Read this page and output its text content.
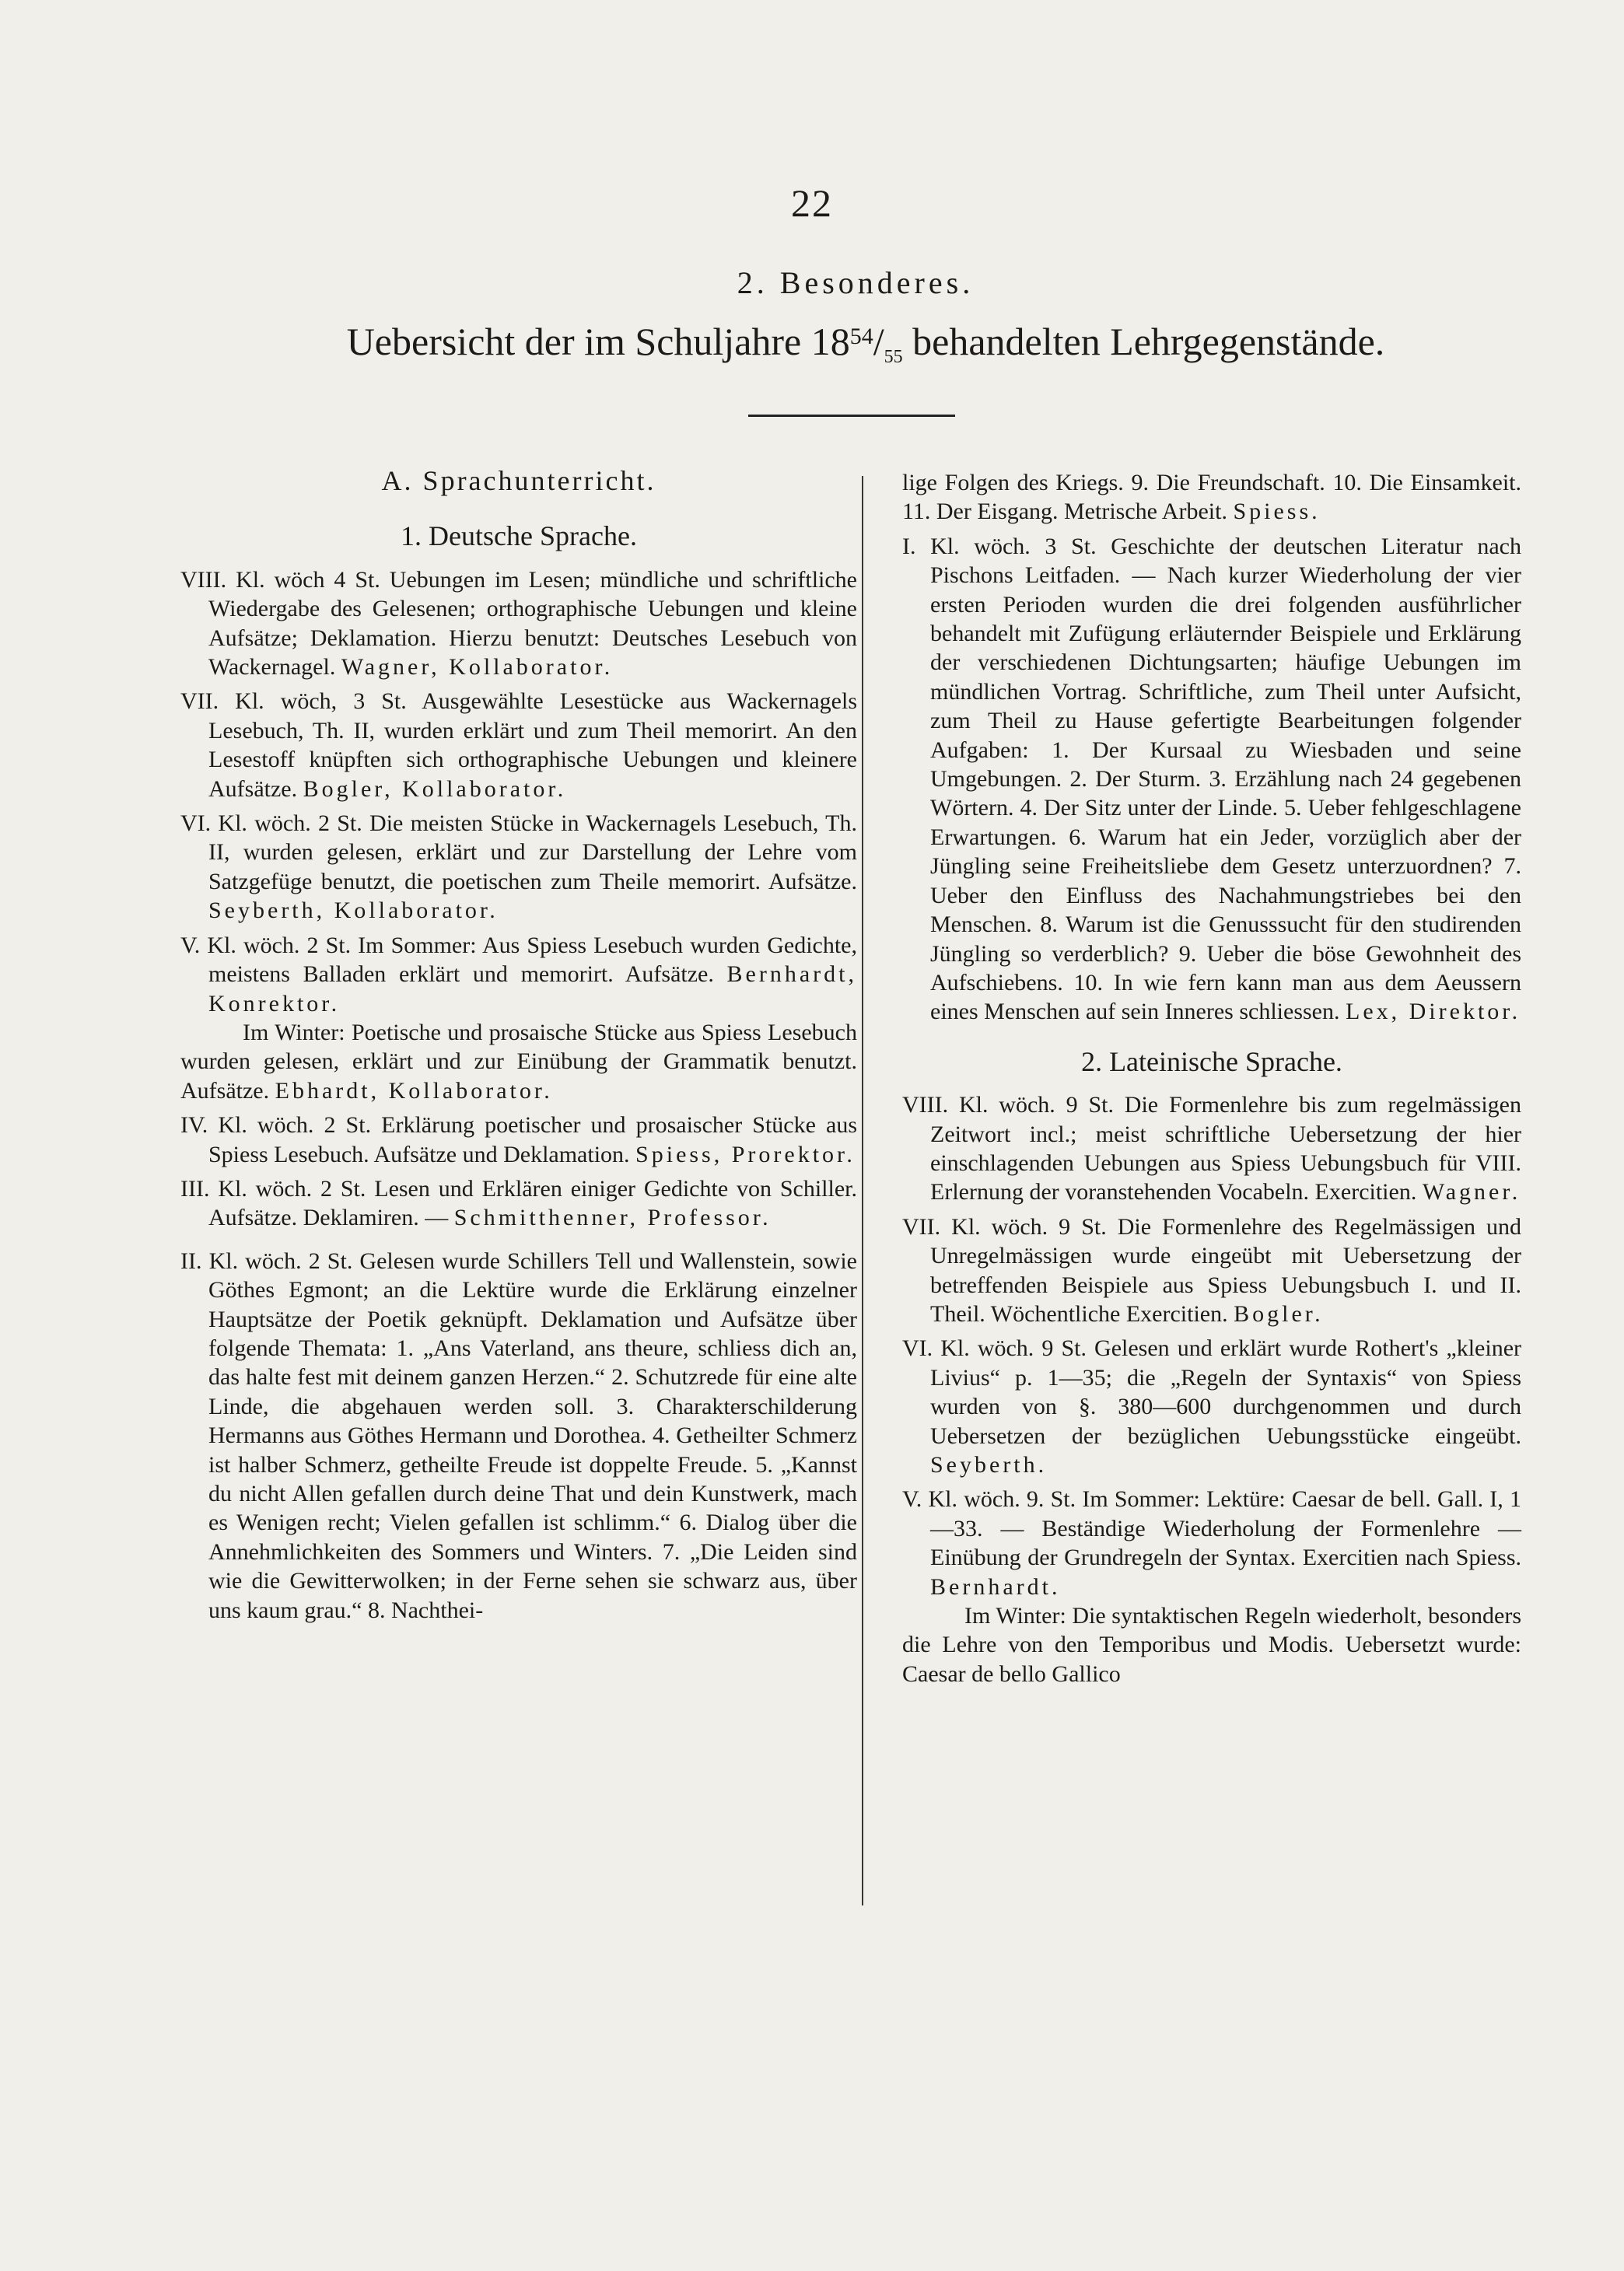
22
2. Besonderes.
Uebersicht der im Schuljahre $18^{54}/_{55}$ behandelten Lehrgegenstände.
A. Sprachunterricht.
1. Deutsche Sprache.

VIII. Kl. wöch 4 St. Uebungen im Lesen; mündliche und schriftliche Wiedergabe des Gelesenen; orthographische Uebungen und kleine Aufsätze; Deklamation. Hierzu benutzt: Deutsches Lesebuch von Wackernagel. Wagner, Kollaborator.

VII. Kl. wöch, 3 St. Ausgewählte Lesestücke aus Wackernagels Lesebuch, Th. II, wurden erklärt und zum Theil memorirt. An den Lesestoff knüpften sich orthographische Uebungen und kleinere Aufsätze. Bogler, Kollaborator.

VI. Kl. wöch. 2 St. Die meisten Stücke in Wackernagels Lesebuch, Th. II, wurden gelesen, erklärt und zur Darstellung der Lehre vom Satzgefüge benutzt, die poetischen zum Theile memorirt. Aufsätze. Seyberth, Kollaborator.

V. Kl. wöch. 2 St. Im Sommer: Aus Spiess Lesebuch wurden Gedichte, meistens Balladen erklärt und memorirt. Aufsätze. Bernhardt, Konrektor.

Im Winter: Poetische und prosaische Stücke aus Spiess Lesebuch wurden gelesen, erklärt und zur Einübung der Grammatik benutzt. Aufsätze. Ebhardt, Kollaborator.

IV. Kl. wöch. 2 St. Erklärung poetischer und prosaischer Stücke aus Spiess Lesebuch. Aufsätze und Deklamation. Spiess, Prorektor.

III. Kl. wöch. 2 St. Lesen und Erklären einiger Gedichte von Schiller. Aufsätze. Deklamiren. — Schmitthenner, Professor.

II. Kl. wöch. 2 St. Gelesen wurde Schillers Tell und Wallenstein, sowie Göthes Egmont; an die Lektüre wurde die Erklärung einzelner Hauptsätze der Poetik geknüpft. Deklamation und Aufsätze über folgende Themata: 1. „Ans Vaterland, ans theure, schliess dich an, das halte fest mit deinem ganzen Herzen.“ 2. Schutzrede für eine alte Linde, die abgehauen werden soll. 3. Charakterschilderung Hermanns aus Göthes Hermann und Dorothea. 4. Getheilter Schmerz ist halber Schmerz, getheilte Freude ist doppelte Freude. 5. „Kannst du nicht Allen gefallen durch deine That und dein Kunstwerk, mach es Wenigen recht; Vielen gefallen ist schlimm.“ 6. Dialog über die Annehmlichkeiten des Sommers und Winters. 7. „Die Leiden sind wie die Gewitterwolken; in der Ferne sehen sie schwarz aus, über uns kaum grau.“ 8. Nachthei-

lige Folgen des Kriegs. 9. Die Freundschaft. 10. Die Einsamkeit. 11. Der Eisgang. Metrische Arbeit. Spiess.

I. Kl. wöch. 3 St. Geschichte der deutschen Literatur nach Pischons Leitfaden. — Nach kurzer Wiederholung der vier ersten Perioden wurden die drei folgenden ausführlicher behandelt mit Zufügung erläuternder Beispiele und Erklärung der verschiedenen Dichtungsarten; häufige Uebungen im mündlichen Vortrag. Schriftliche, zum Theil unter Aufsicht, zum Theil zu Hause gefertigte Bearbeitungen folgender Aufgaben: 1. Der Kursaal zu Wiesbaden und seine Umgebungen. 2. Der Sturm. 3. Erzählung nach 24 gegebenen Wörtern. 4. Der Sitz unter der Linde. 5. Ueber fehlgeschlagene Erwartungen. 6. Warum hat ein Jeder, vorzüglich aber der Jüngling seine Freiheitsliebe dem Gesetz unterzuordnen? 7. Ueber den Einfluss des Nachahmungstriebes bei den Menschen. 8. Warum ist die Genusssucht für den studirenden Jüngling so verderblich? 9. Ueber die böse Gewohnheit des Aufschiebens. 10. In wie fern kann man aus dem Aeussern eines Menschen auf sein Inneres schliessen. Lex, Direktor.

2. Lateinische Sprache.

VIII. Kl. wöch. 9 St. Die Formenlehre bis zum regelmässigen Zeitwort incl.; meist schriftliche Uebersetzung der hier einschlagenden Uebungen aus Spiess Uebungsbuch für VIII. Erlernung der voranstehenden Vocabeln. Exercitien. Wagner.

VII. Kl. wöch. 9 St. Die Formenlehre des Regelmässigen und Unregelmässigen wurde eingeübt mit Uebersetzung der betreffenden Beispiele aus Spiess Uebungsbuch I. und II. Theil. Wöchentliche Exercitien. Bogler.

VI. Kl. wöch. 9 St. Gelesen und erklärt wurde Rothert's „kleiner Livius“ p. 1—35; die „Regeln der Syntaxis“ von Spiess wurden von §. 380—600 durchgenommen und durch Uebersetzen der bezüglichen Uebungsstücke eingeübt. Seyberth.

V. Kl. wöch. 9. St. Im Sommer: Lektüre: Caesar de bell. Gall. I, 1—33. — Beständige Wiederholung der Formenlehre — Einübung der Grundregeln der Syntax. Exercitien nach Spiess. Bernhardt.

Im Winter: Die syntaktischen Regeln wiederholt, besonders die Lehre von den Temporibus und Modis. Uebersetzt wurde: Caesar de bello Gallico
